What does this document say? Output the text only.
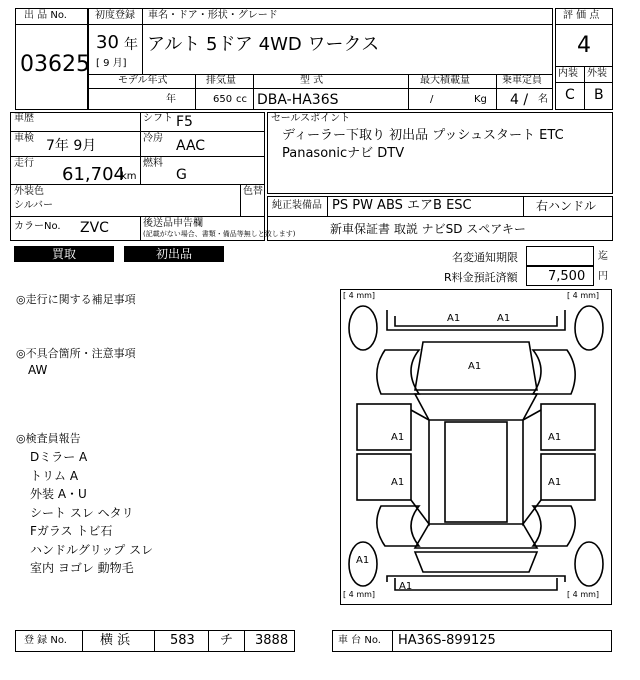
出 品 No.
03625
初度登録 車名・ドア・形状・グレード
30 年
[ 9 月]
アルト 5ドア 4WD ワークス
モデル年式	排気量	型 式	最大積載量	乗車定員
年	650 cc DBA-HA36S	/	Kg 4 / 名
評 価 点
4
内装 外装
C B
車歴
車検 7年 9月
走行
61,704
km
シフト F5
冷房 AAC
燃料
G
外装色
シルバー
色替
カラーNo. ZVC	後送品申告欄
(記載がない場合、書類・備品等無しと致します)
セールスポイント
ディーラー下取り 初出品 プッシュスタート ETC
Panasonicナビ DTV
純正装備品 PS PW ABS エアB ESC	右ハンドル
新車保証書 取説 ナビSD スペアキー
買取	初出品	名変通知期限	迄
R料金預託済額 7,500 円
◎走行に関する補足事項
◎不具合箇所・注意事項
AW
◎検査員報告
Dミラー A
トリム A
外装 A・U
シート スレ ヘタリ
Fガラス トビ石
ハンドルグリップ スレ
室内 ヨゴレ 動物毛
[ 4 mm]	[ 4 mm]
[ 4 mm]	[ 4 mm]
A1	A1
A1
A1
A1
A1
A1
A1
A1
登 録 No.	横 浜	583 チ 3888	車 台 No. HA36S-899125
